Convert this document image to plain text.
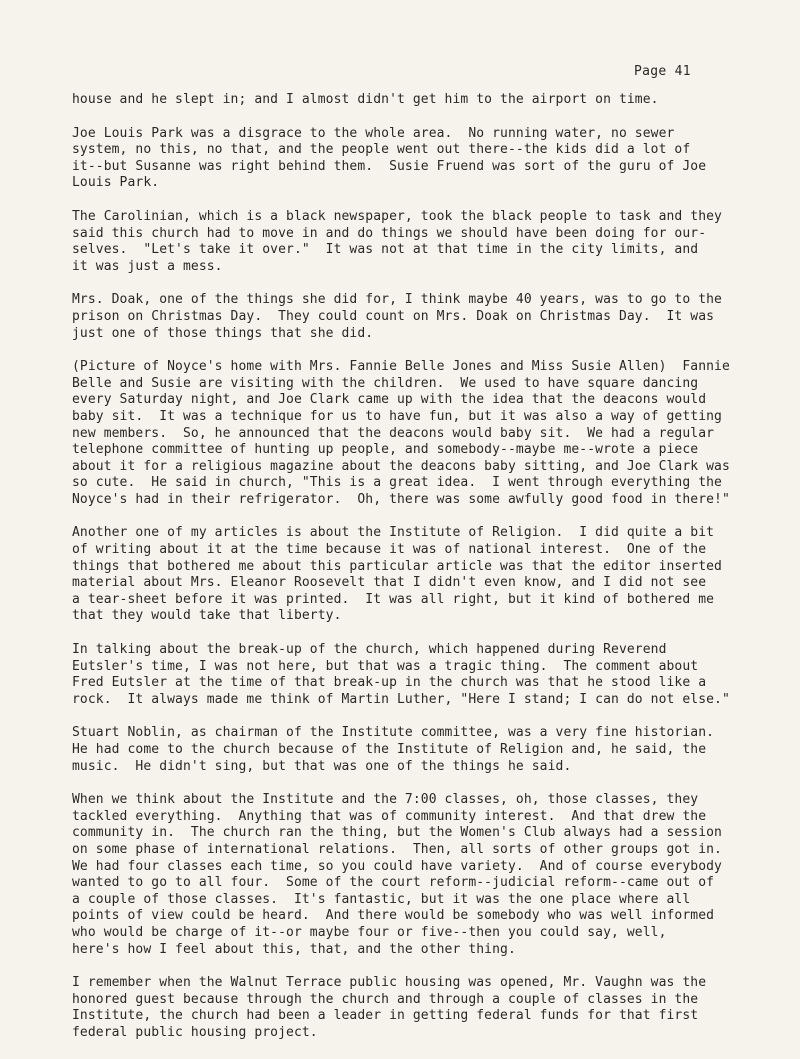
Page 41

house and he slept in; and I almost didn't get him to the airport on time.

Joe Louis Park was a disgrace to the whole area.  No running water, no sewer
system, no this, no that, and the people went out there--the kids did a lot of
it--but Susanne was right behind them.  Susie Fruend was sort of the guru of Joe
Louis Park.

The Carolinian, which is a black newspaper, took the black people to task and they
said this church had to move in and do things we should have been doing for our-
selves.  "Let's take it over."  It was not at that time in the city limits, and
it was just a mess.

Mrs. Doak, one of the things she did for, I think maybe 40 years, was to go to the
prison on Christmas Day.  They could count on Mrs. Doak on Christmas Day.  It was
just one of those things that she did.

(Picture of Noyce's home with Mrs. Fannie Belle Jones and Miss Susie Allen)  Fannie
Belle and Susie are visiting with the children.  We used to have square dancing
every Saturday night, and Joe Clark came up with the idea that the deacons would
baby sit.  It was a technique for us to have fun, but it was also a way of getting
new members.  So, he announced that the deacons would baby sit.  We had a regular
telephone committee of hunting up people, and somebody--maybe me--wrote a piece
about it for a religious magazine about the deacons baby sitting, and Joe Clark was
so cute.  He said in church, "This is a great idea.  I went through everything the
Noyce's had in their refrigerator.  Oh, there was some awfully good food in there!"

Another one of my articles is about the Institute of Religion.  I did quite a bit
of writing about it at the time because it was of national interest.  One of the
things that bothered me about this particular article was that the editor inserted
material about Mrs. Eleanor Roosevelt that I didn't even know, and I did not see
a tear-sheet before it was printed.  It was all right, but it kind of bothered me
that they would take that liberty.

In talking about the break-up of the church, which happened during Reverend
Eutsler's time, I was not here, but that was a tragic thing.  The comment about
Fred Eutsler at the time of that break-up in the church was that he stood like a
rock.  It always made me think of Martin Luther, "Here I stand; I can do not else."

Stuart Noblin, as chairman of the Institute committee, was a very fine historian.
He had come to the church because of the Institute of Religion and, he said, the
music.  He didn't sing, but that was one of the things he said.

When we think about the Institute and the 7:00 classes, oh, those classes, they
tackled everything.  Anything that was of community interest.  And that drew the
community in.  The church ran the thing, but the Women's Club always had a session
on some phase of international relations.  Then, all sorts of other groups got in.
We had four classes each time, so you could have variety.  And of course everybody
wanted to go to all four.  Some of the court reform--judicial reform--came out of
a couple of those classes.  It's fantastic, but it was the one place where all
points of view could be heard.  And there would be somebody who was well informed
who would be charge of it--or maybe four or five--then you could say, well,
here's how I feel about this, that, and the other thing.

I remember when the Walnut Terrace public housing was opened, Mr. Vaughn was the
honored guest because through the church and through a couple of classes in the
Institute, the church had been a leader in getting federal funds for that first
federal public housing project.
